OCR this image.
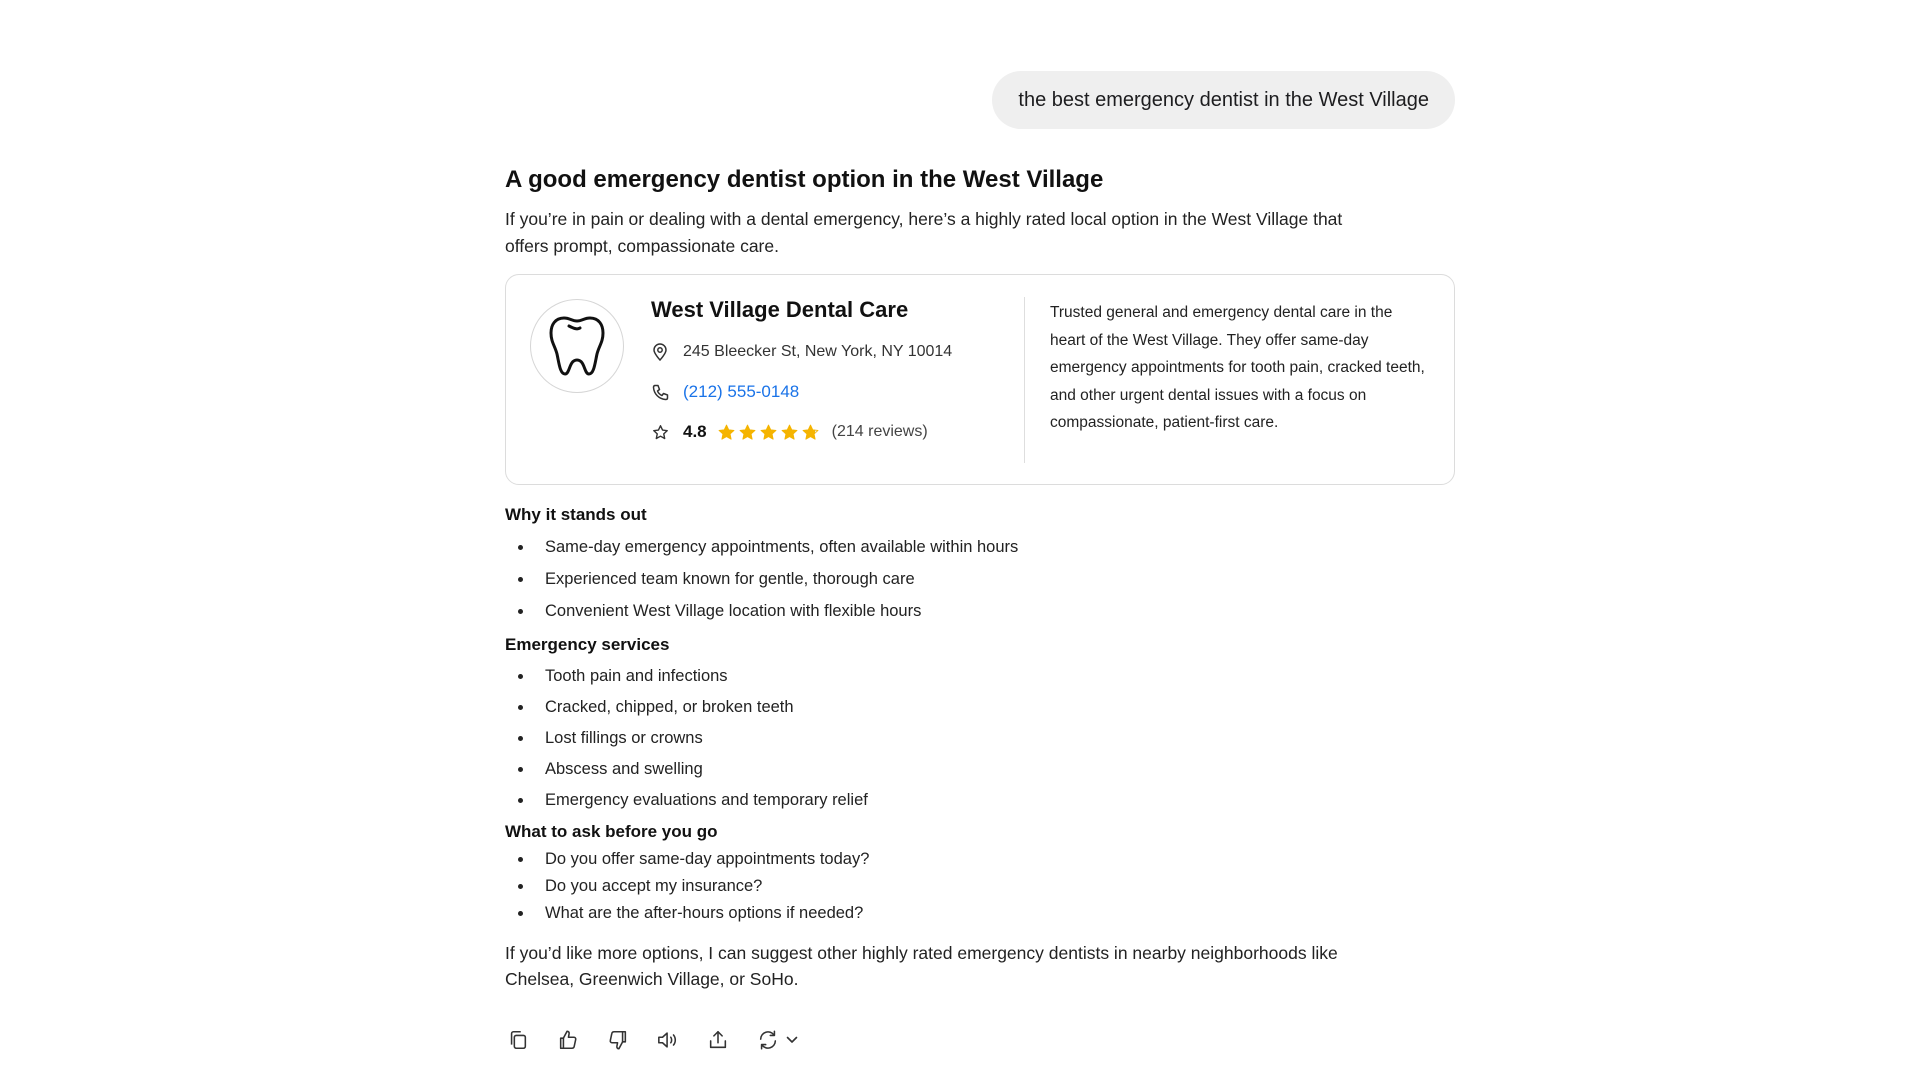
the best emergency dentist in the West Village
A good emergency dentist option in the West Village

If you’re in pain or dealing with a dental emergency, here’s a highly rated local option in the West Village that offers prompt, compassionate care.

West Village Dental Care
245 Bleecker St, New York, NY 10014
(212) 555-0148
4.8	(214 reviews)

Trusted general and emergency dental care in the heart of the West Village. They offer same-day emergency appointments for tooth pain, cracked teeth, and other urgent dental issues with a focus on compassionate, patient-first care.

Why it stands out
Same-day emergency appointments, often available within hours
Experienced team known for gentle, thorough care
Convenient West Village location with flexible hours
Emergency services
Tooth pain and infections
Cracked, chipped, or broken teeth
Lost fillings or crowns
Abscess and swelling
Emergency evaluations and temporary relief
What to ask before you go
Do you offer same-day appointments today?
Do you accept my insurance?
What are the after-hours options if needed?

If you’d like more options, I can suggest other highly rated emergency dentists in nearby neighborhoods like Chelsea, Greenwich Village, or SoHo.
